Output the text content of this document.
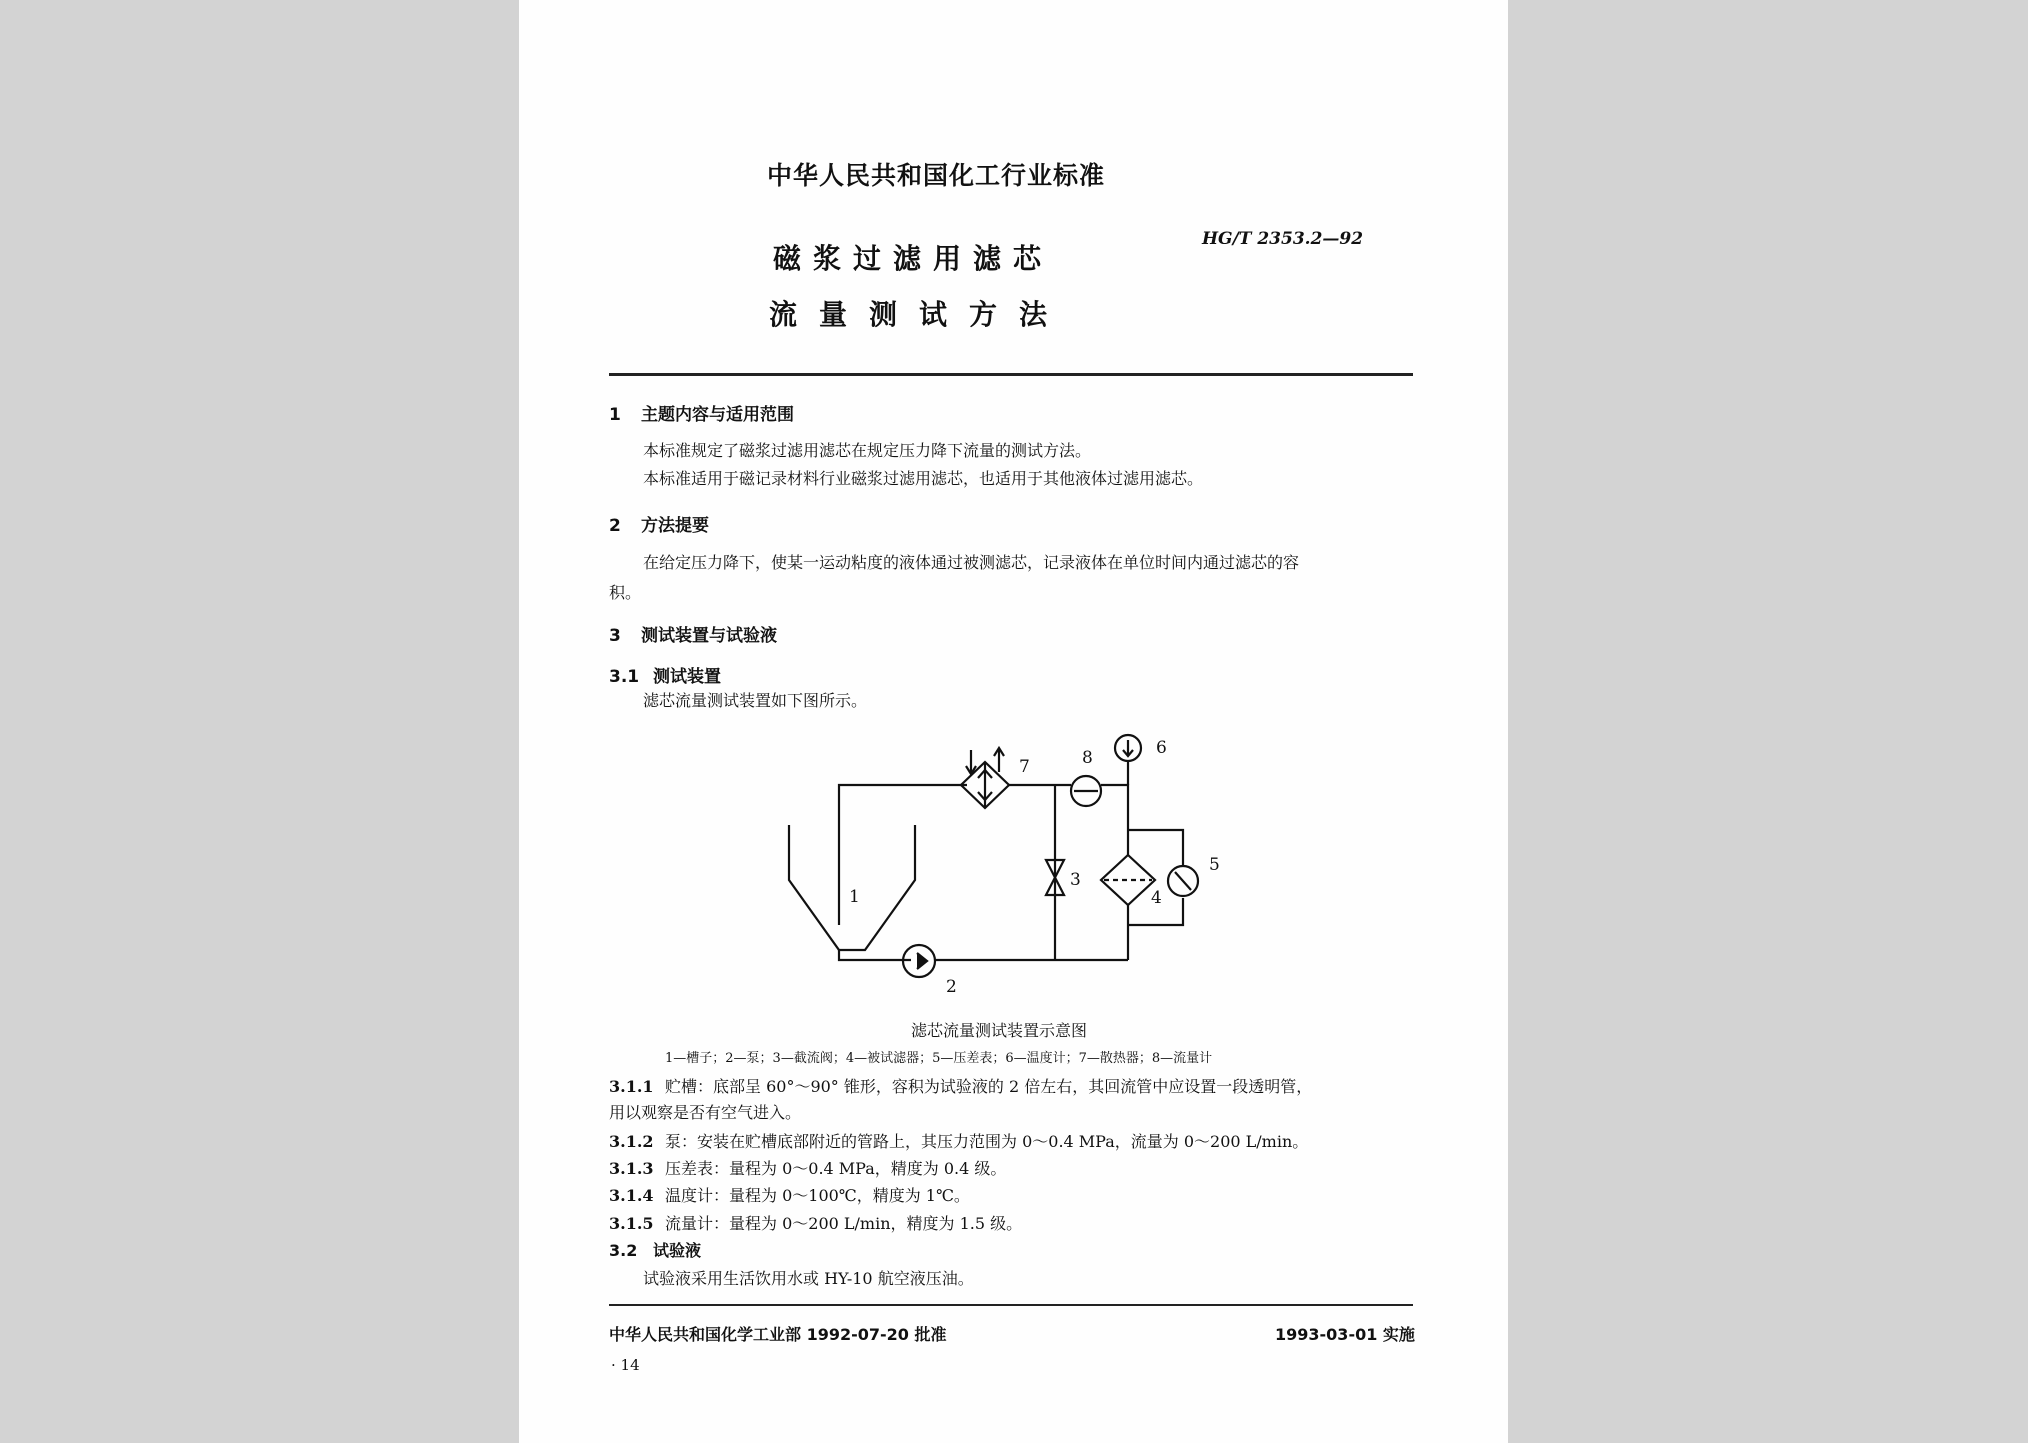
中华人民共和国化工行业标准
磁浆过滤用滤芯
流量测试方法
HG/T 2353.2—92
1 主题内容与适用范围
本标准规定了磁浆过滤用滤芯在规定压力降下流量的测试方法。
本标准适用于磁记录材料行业磁浆过滤用滤芯，也适用于其他液体过滤用滤芯。
2 方法提要
在给定压力降下，使某一运动粘度的液体通过被测滤芯，记录液体在单位时间内通过滤芯的容
积。
3 测试装置与试验液
3.1 测试装置
滤芯流量测试装置如下图所示。
1
2
3
4
5
6
7	8
滤芯流量测试装置示意图
1—槽子；2—泵；3—截流阀；4—被试滤器；5—压差表；6—温度计；7—散热器；8—流量计
3.1.1 贮槽：底部呈 60°～90° 锥形，容积为试验液的 2 倍左右，其回流管中应设置一段透明管，
用以观察是否有空气进入。
3.1.2 泵：安装在贮槽底部附近的管路上，其压力范围为 0～0.4 MPa，流量为 0～200 L/min。
3.1.3 压差表：量程为 0～0.4 MPa，精度为 0.4 级。
3.1.4 温度计：量程为 0～100℃，精度为 1℃。
3.1.5 流量计：量程为 0～200 L/min，精度为 1.5 级。
3.2 试验液
试验液采用生活饮用水或 HY-10 航空液压油。
中华人民共和国化学工业部 1992-07-20 批准	1993-03-01 实施
· 14
